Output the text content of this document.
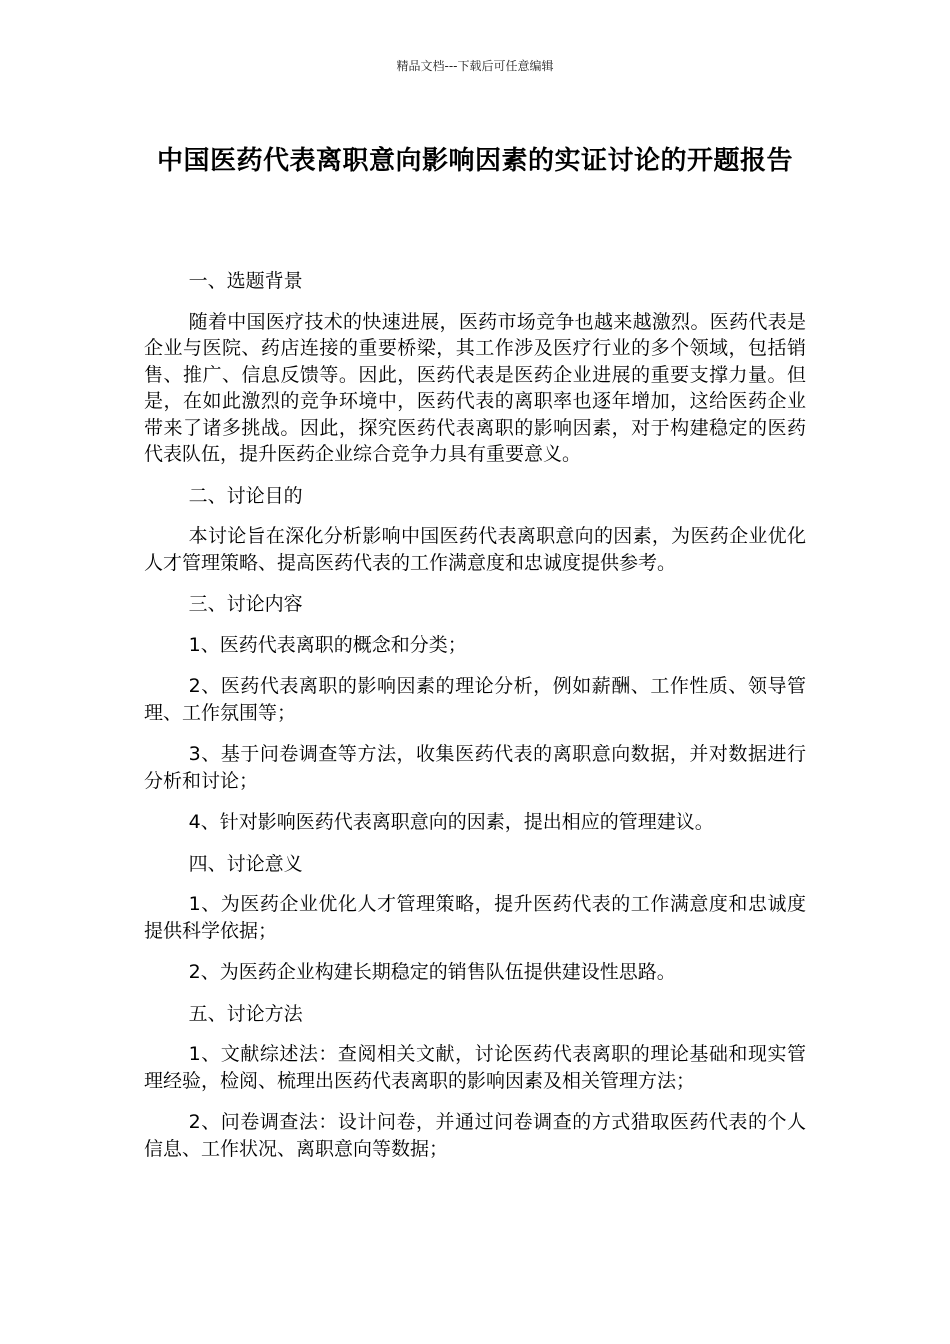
精品文档---下载后可任意编辑
中国医药代表离职意向影响因素的实证讨论的开题报告

一、选题背景

随着中国医疗技术的快速进展，医药市场竞争也越来越激烈。医药代表是企业与医院、药店连接的重要桥梁，其工作涉及医疗行业的多个领域，包括销售、推广、信息反馈等。因此，医药代表是医药企业进展的重要支撑力量。但是，在如此激烈的竞争环境中，医药代表的离职率也逐年增加，这给医药企业带来了诸多挑战。因此，探究医药代表离职的影响因素，对于构建稳定的医药代表队伍，提升医药企业综合竞争力具有重要意义。

二、讨论目的

本讨论旨在深化分析影响中国医药代表离职意向的因素，为医药企业优化人才管理策略、提高医药代表的工作满意度和忠诚度提供参考。

三、讨论内容

1、医药代表离职的概念和分类；

2、医药代表离职的影响因素的理论分析，例如薪酬、工作性质、领导管理、工作氛围等；

3、基于问卷调查等方法，收集医药代表的离职意向数据，并对数据进行分析和讨论；

4、针对影响医药代表离职意向的因素，提出相应的管理建议。

四、讨论意义

1、为医药企业优化人才管理策略，提升医药代表的工作满意度和忠诚度提供科学依据；

2、为医药企业构建长期稳定的销售队伍提供建设性思路。

五、讨论方法

1、文献综述法：查阅相关文献，讨论医药代表离职的理论基础和现实管理经验，检阅、梳理出医药代表离职的影响因素及相关管理方法；

2、问卷调查法：设计问卷，并通过问卷调查的方式猎取医药代表的个人信息、工作状况、离职意向等数据；
